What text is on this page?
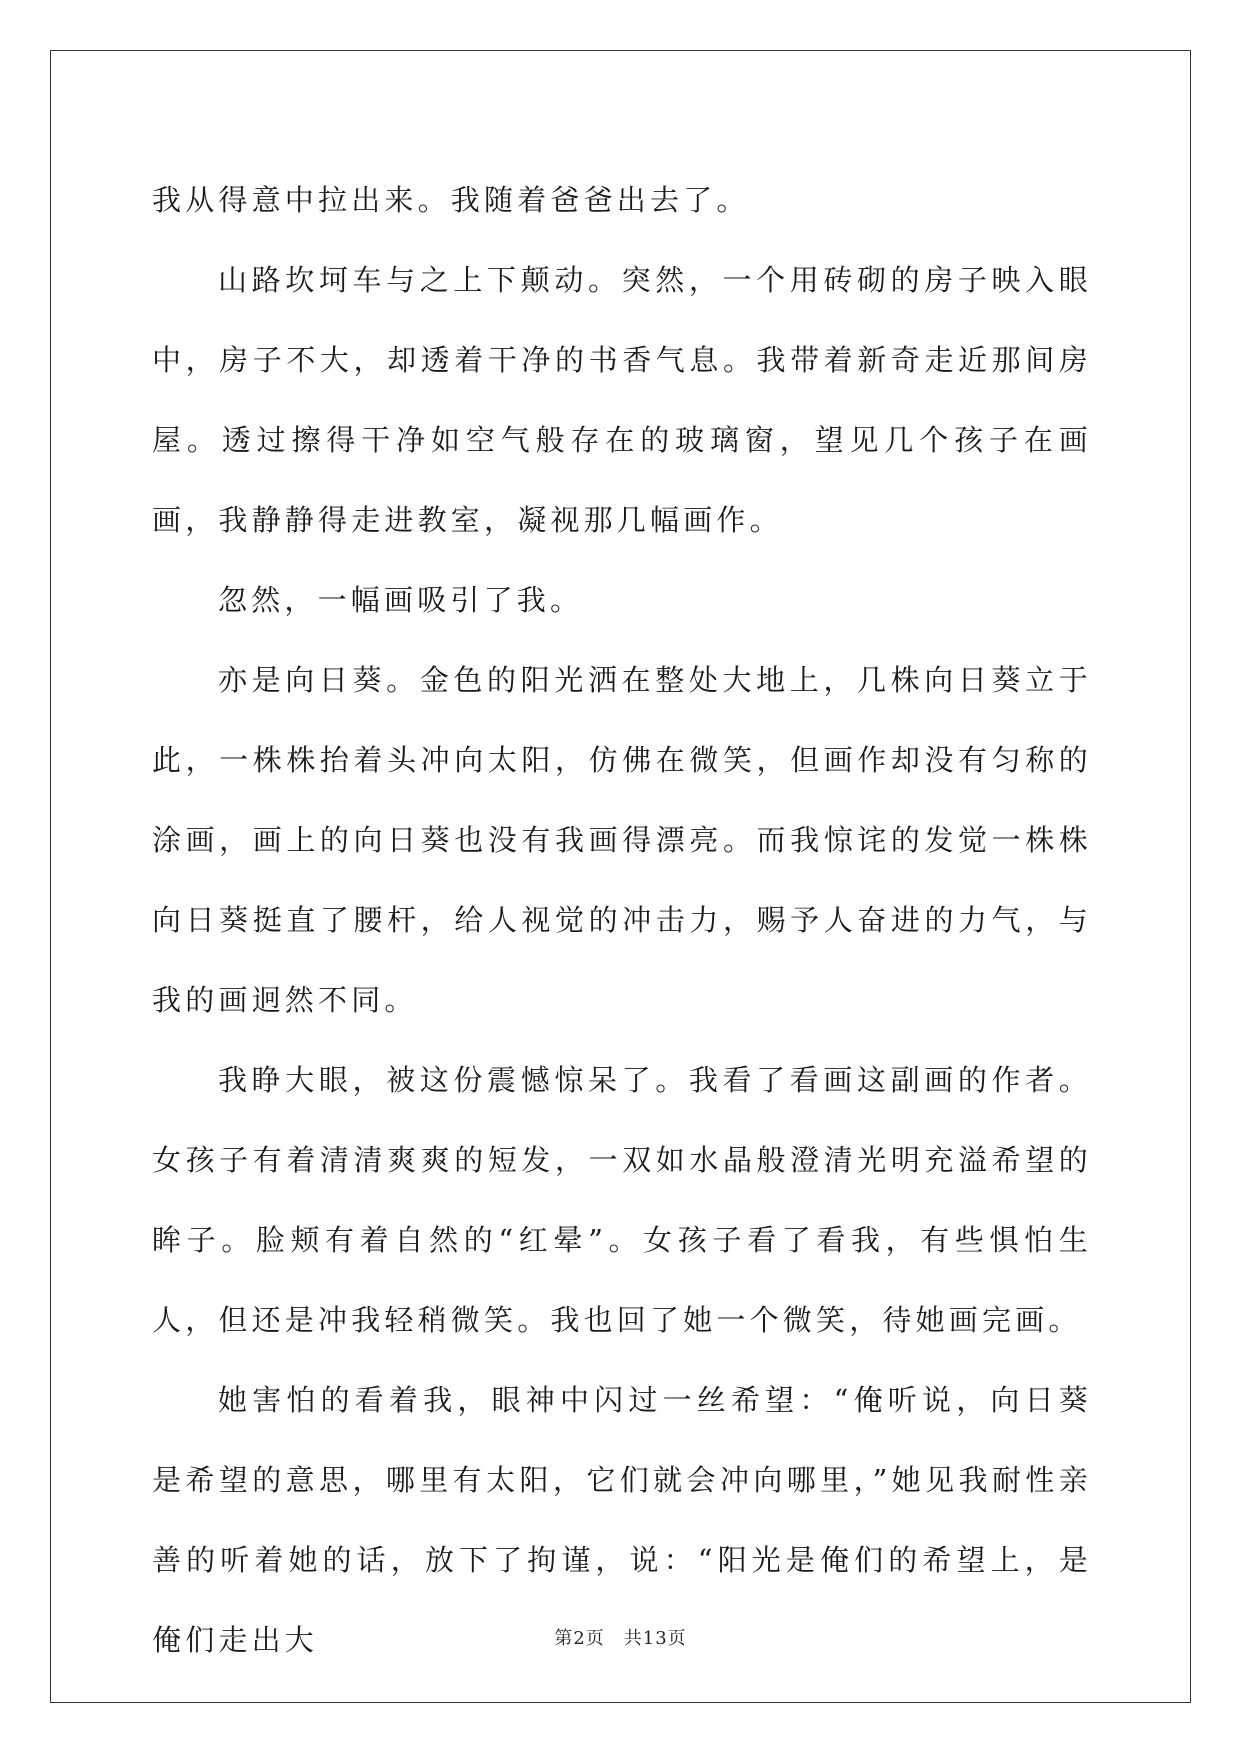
我从得意中拉出来。我随着爸爸出去了。

山路坎坷车与之上下颠动。突然，一个用砖砌的房子映入眼中，房子不大，却透着干净的书香气息。我带着新奇走近那间房屋。透过擦得干净如空气般存在的玻璃窗，望见几个孩子在画画，我静静得走进教室，凝视那几幅画作。

忽然，一幅画吸引了我。

亦是向日葵。金色的阳光洒在整处大地上，几株向日葵立于此，一株株抬着头冲向太阳，仿佛在微笑，但画作却没有匀称的涂画，画上的向日葵也没有我画得漂亮。而我惊诧的发觉一株株向日葵挺直了腰杆，给人视觉的冲击力，赐予人奋进的力气，与我的画迥然不同。

我睁大眼，被这份震憾惊呆了。我看了看画这副画的作者。女孩子有着清清爽爽的短发，一双如水晶般澄清光明充溢希望的眸子。脸颊有着自然的“红晕”。女孩子看了看我，有些惧怕生人，但还是冲我轻稍微笑。我也回了她一个微笑，待她画完画。

她害怕的看着我，眼神中闪过一丝希望：“俺听说，向日葵是希望的意思，哪里有太阳，它们就会冲向哪里，”她见我耐性亲善的听着她的话，放下了拘谨，说：“阳光是俺们的希望上，是俺们走出大	第2页　共13页
